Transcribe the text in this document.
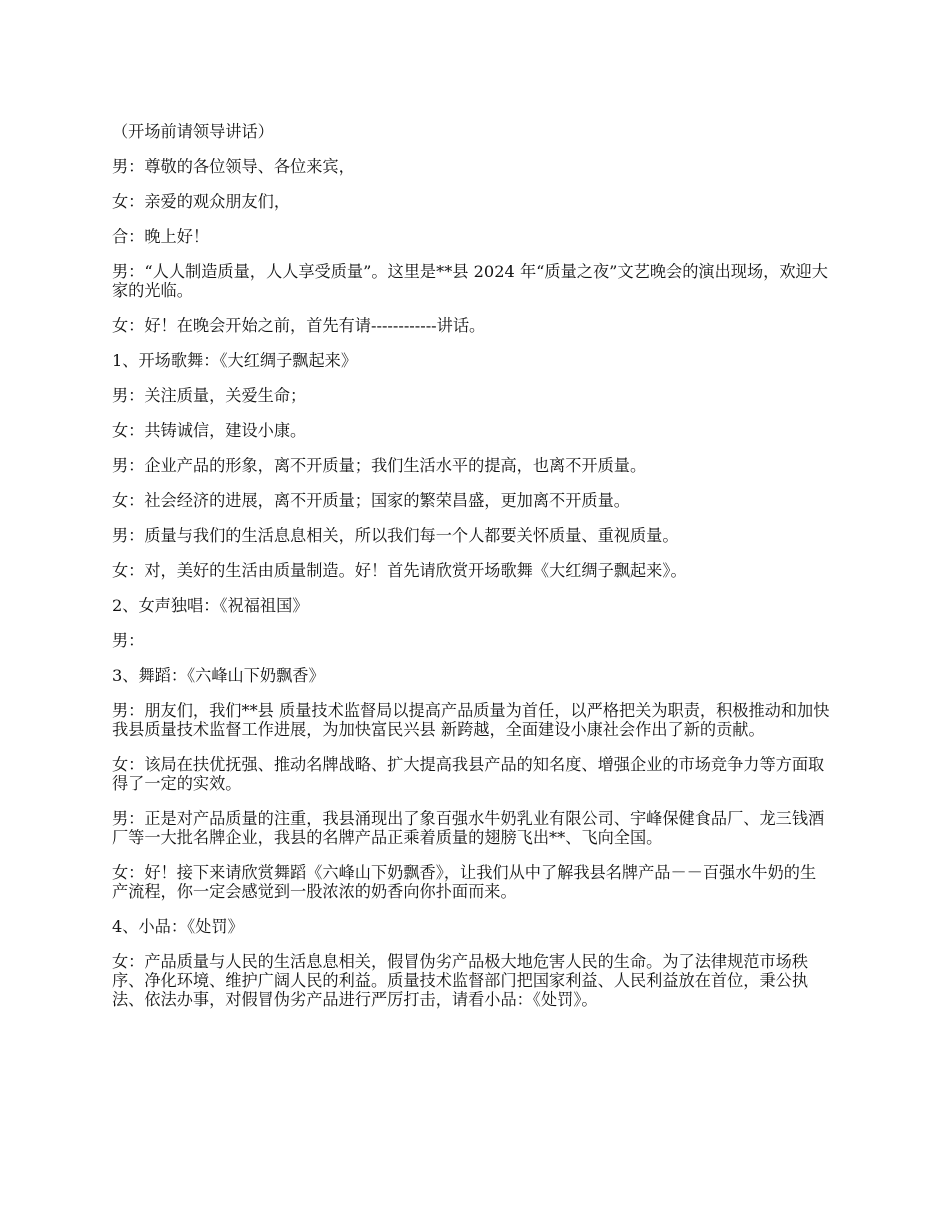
（开场前请领导讲话）

男：尊敬的各位领导、各位来宾，

女：亲爱的观众朋友们，

合：晚上好！

男：“人人制造质量，人人享受质量”。这里是**县 2024 年“质量之夜”文艺晚会的演出现场，欢迎大家的光临。

女：好！在晚会开始之前，首先有请------------讲话。

1、开场歌舞：《大红绸子飘起来》

男：关注质量，关爱生命；

女：共铸诚信，建设小康。

男：企业产品的形象，离不开质量；我们生活水平的提高，也离不开质量。

女：社会经济的进展，离不开质量；国家的繁荣昌盛，更加离不开质量。

男：质量与我们的生活息息相关，所以我们每一个人都要关怀质量、重视质量。

女：对，美好的生活由质量制造。好！首先请欣赏开场歌舞《大红绸子飘起来》。

2、女声独唱：《祝福祖国》

男：

3、舞蹈：《六峰山下奶飘香》

男：朋友们，我们**县 质量技术监督局以提高产品质量为首任，以严格把关为职责，积极推动和加快我县质量技术监督工作进展，为加快富民兴县 新跨越，全面建设小康社会作出了新的贡献。

女：该局在扶优抚强、推动名牌战略、扩大提高我县产品的知名度、增强企业的市场竞争力等方面取得了一定的实效。

男：正是对产品质量的注重，我县涌现出了象百强水牛奶乳业有限公司、宇峰保健食品厂、龙三钱酒厂等一大批名牌企业，我县的名牌产品正乘着质量的翅膀飞出**、飞向全国。

女：好！接下来请欣赏舞蹈《六峰山下奶飘香》，让我们从中了解我县名牌产品－－百强水牛奶的生产流程，你一定会感觉到一股浓浓的奶香向你扑面而来。

4、小品：《处罚》

女：产品质量与人民的生活息息相关，假冒伪劣产品极大地危害人民的生命。为了法律规范市场秩序、净化环境、维护广阔人民的利益。质量技术监督部门把国家利益、人民利益放在首位，秉公执法、依法办事，对假冒伪劣产品进行严厉打击，请看小品：《处罚》。
